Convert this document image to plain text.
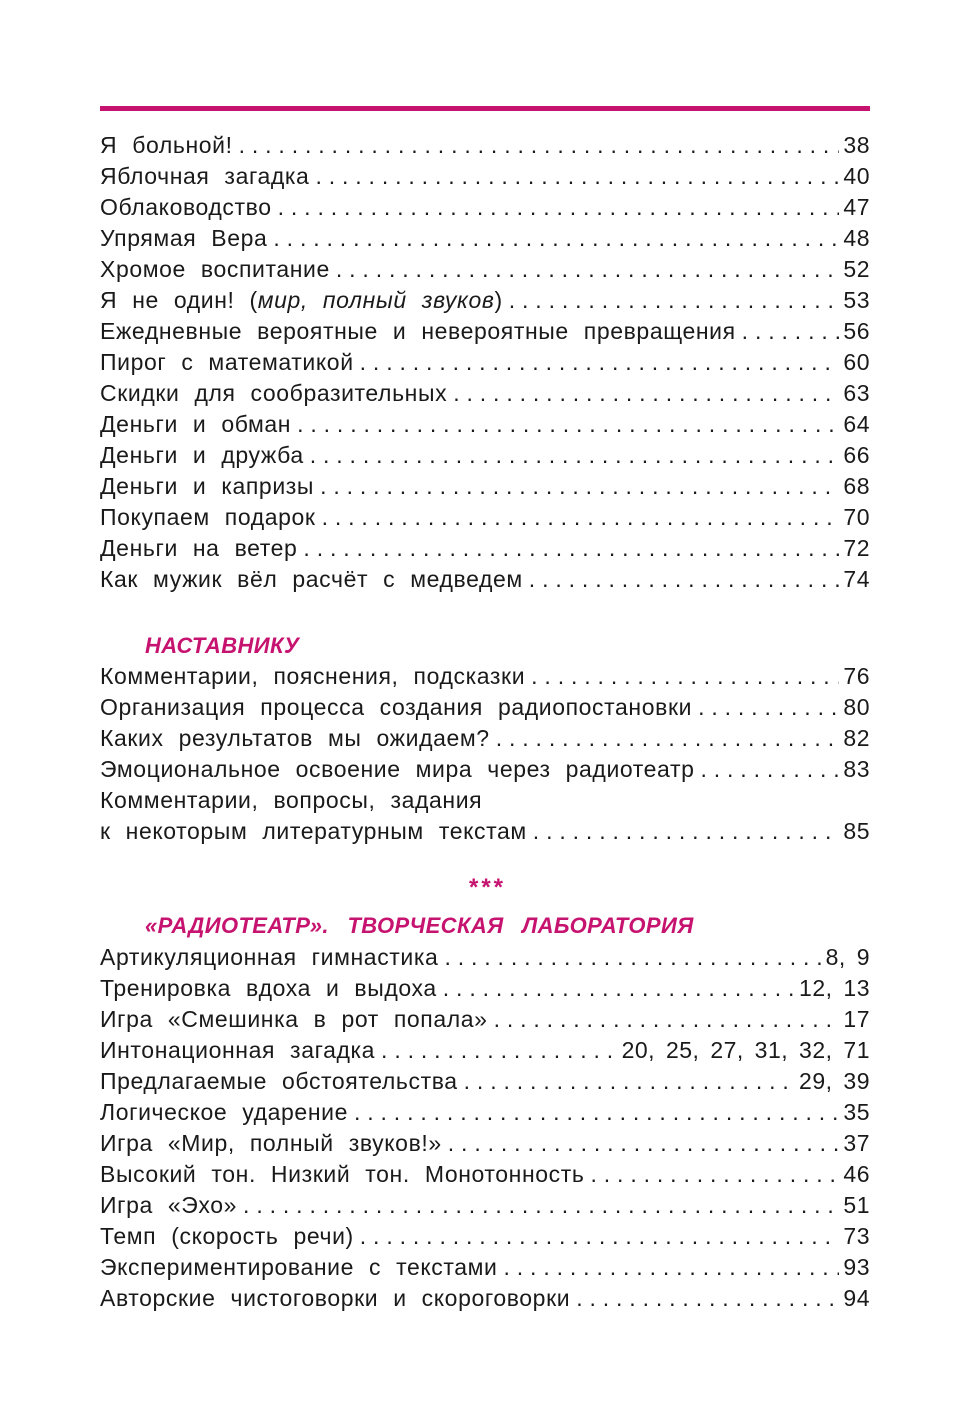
Я больной! . . .	38
Яблочная загадка . . .	40
Облаководство . . .	47
Упрямая Вера . . .	48
Хромое воспитание . . .	52
Я не один! (мир, полный звуков) . . .	53
Ежедневные вероятные и невероятные превращения . . .	56
Пирог с математикой . . .	60
Скидки для сообразительных . . .	63
Деньги и обман . . .	64
Деньги и дружба . . .	66
Деньги и капризы . . .	68
Покупаем подарок . . .	70
Деньги на ветер . . .	72
Как мужик вёл расчёт с медведем . . .	74
НАСТАВНИКУ
Комментарии, пояснения, подсказки . . .	76
Организация процесса создания радиопостановки . . .	80
Каких результатов мы ожидаем? . . .	82
Эмоциональное освоение мира через радиотеатр . . .	83
Комментарии, вопросы, задания
к некоторым литературным текстам . . .	85
***
«РАДИОТЕАТР». ТВОРЧЕСКАЯ ЛАБОРАТОРИЯ
Артикуляционная гимнастика . . .	8, 9
Тренировка вдоха и выдоха . . .	12, 13
Игра «Смешинка в рот попала» . . .	17
Интонационная загадка . . .	20, 25, 27, 31, 32, 71
Предлагаемые обстоятельства . . .	29, 39
Логическое ударение . . .	35
Игра «Мир, полный звуков!» . . .	37
Высокий тон. Низкий тон. Монотонность . . .	46
Игра «Эхо» . . .	51
Темп (скорость речи) . . .	73
Экспериментирование с текстами . . .	93
Авторские чистоговорки и скороговорки . . .	94
